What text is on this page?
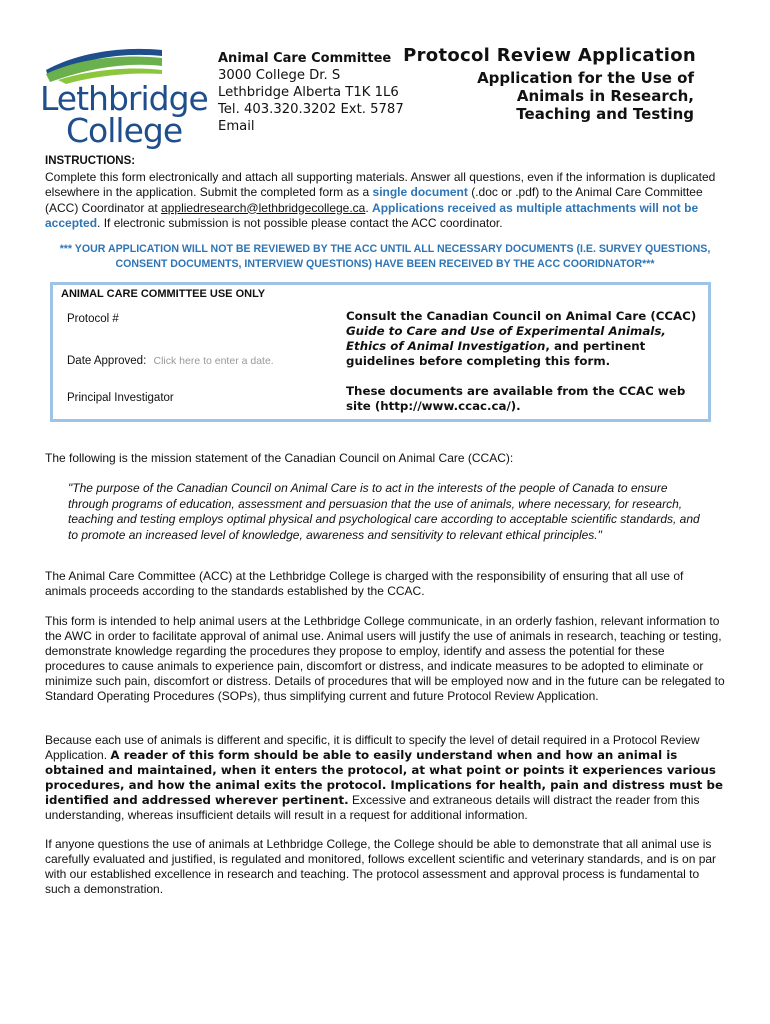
Lethbridge
College
Animal Care Committee
3000 College Dr. S
Lethbridge Alberta T1K 1L6
Tel. 403.320.3202 Ext. 5787
Email
Protocol Review Application
Application for the Use of
Animals in Research,
Teaching and Testing
INSTRUCTIONS:
Complete this form electronically and attach all supporting materials. Answer all questions, even if the information is duplicated elsewhere in the application. Submit the completed form as a single document (.doc or .pdf) to the Animal Care Committee (ACC) Coordinator at appliedresearch@lethbridgecollege.ca. Applications received as multiple attachments will not be accepted. If electronic submission is not possible please contact the ACC coordinator.
*** YOUR APPLICATION WILL NOT BE REVIEWED BY THE ACC UNTIL ALL NECESSARY DOCUMENTS (I.E. SURVEY QUESTIONS, CONSENT DOCUMENTS, INTERVIEW QUESTIONS) HAVE BEEN RECEIVED BY THE ACC COORIDNATOR***
ANIMAL CARE COMMITTEE USE ONLY
Protocol #
Date Approved: Click here to enter a date.
Principal Investigator
Consult the Canadian Council on Animal Care (CCAC) Guide to Care and Use of Experimental Animals, Ethics of Animal Investigation, and pertinent guidelines before completing this form.
These documents are available from the CCAC web site (http://www.ccac.ca/).
The following is the mission statement of the Canadian Council on Animal Care (CCAC):
"The purpose of the Canadian Council on Animal Care is to act in the interests of the people of Canada to ensure through programs of education, assessment and persuasion that the use of animals, where necessary, for research, teaching and testing employs optimal physical and psychological care according to acceptable scientific standards, and to promote an increased level of knowledge, awareness and sensitivity to relevant ethical principles."
The Animal Care Committee (ACC) at the Lethbridge College is charged with the responsibility of ensuring that all use of animals proceeds according to the standards established by the CCAC.
This form is intended to help animal users at the Lethbridge College communicate, in an orderly fashion, relevant information to the AWC in order to facilitate approval of animal use. Animal users will justify the use of animals in research, teaching or testing, demonstrate knowledge regarding the procedures they propose to employ, identify and assess the potential for these procedures to cause animals to experience pain, discomfort or distress, and indicate measures to be adopted to eliminate or minimize such pain, discomfort or distress. Details of procedures that will be employed now and in the future can be relegated to Standard Operating Procedures (SOPs), thus simplifying current and future Protocol Review Application.
Because each use of animals is different and specific, it is difficult to specify the level of detail required in a Protocol Review Application. A reader of this form should be able to easily understand when and how an animal is obtained and maintained, when it enters the protocol, at what point or points it experiences various procedures, and how the animal exits the protocol. Implications for health, pain and distress must be identified and addressed wherever pertinent. Excessive and extraneous details will distract the reader from this understanding, whereas insufficient details will result in a request for additional information.
If anyone questions the use of animals at Lethbridge College, the College should be able to demonstrate that all animal use is carefully evaluated and justified, is regulated and monitored, follows excellent scientific and veterinary standards, and is on par with our established excellence in research and teaching. The protocol assessment and approval process is fundamental to such a demonstration.
